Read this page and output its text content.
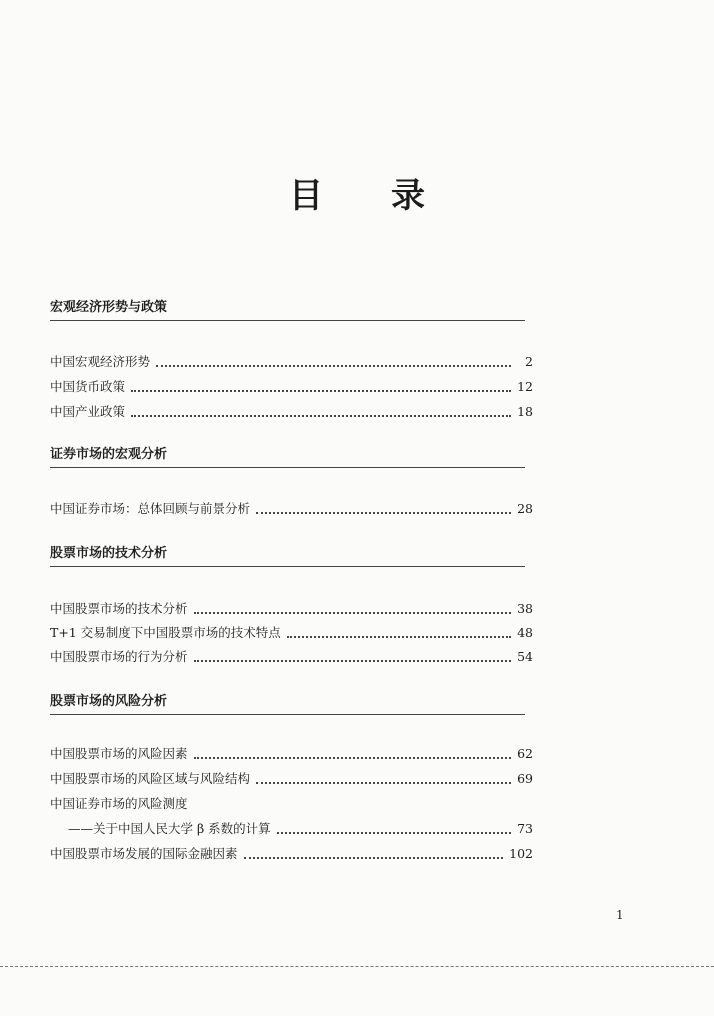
目 录
宏观经济形势与政策
中国宏观经济形势	2
中国货币政策	12
中国产业政策	18
证券市场的宏观分析
中国证券市场：总体回顾与前景分析	28
股票市场的技术分析
中国股票市场的技术分析	38
T+1 交易制度下中国股票市场的技术特点	48
中国股票市场的行为分析	54
股票市场的风险分析
中国股票市场的风险因素	62
中国股票市场的风险区域与风险结构	69
中国证券市场的风险测度
——关于中国人民大学 β 系数的计算	73
中国股票市场发展的国际金融因素	102
1
